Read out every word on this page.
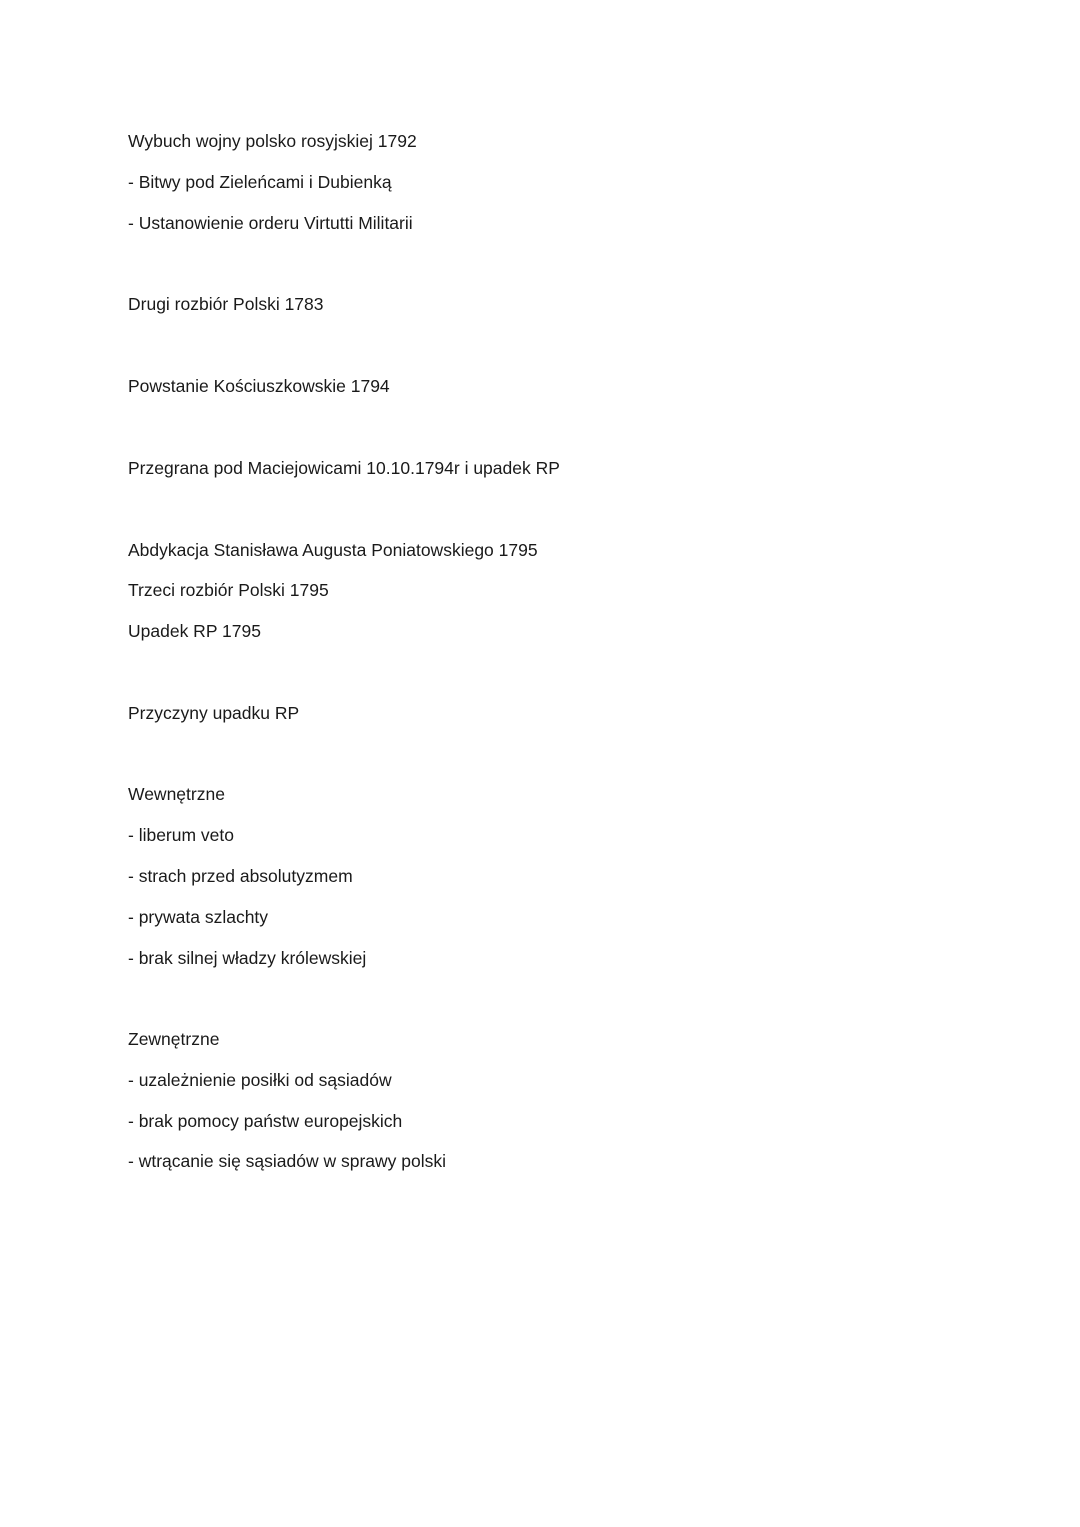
Wybuch wojny polsko rosyjskiej 1792
- Bitwy pod Zieleńcami i Dubienką
- Ustanowienie orderu Virtutti Militarii
Drugi rozbiór Polski 1783
Powstanie Kościuszkowskie 1794
Przegrana pod Maciejowicami 10.10.1794r i upadek RP
Abdykacja Stanisława Augusta Poniatowskiego 1795
Trzeci rozbiór Polski 1795
Upadek RP 1795
Przyczyny upadku RP
Wewnętrzne
- liberum veto
- strach przed absolutyzmem
- prywata szlachty
- brak silnej władzy królewskiej
Zewnętrzne
- uzależnienie posiłki od sąsiadów
- brak pomocy państw europejskich
- wtrącanie się sąsiadów w sprawy polski
